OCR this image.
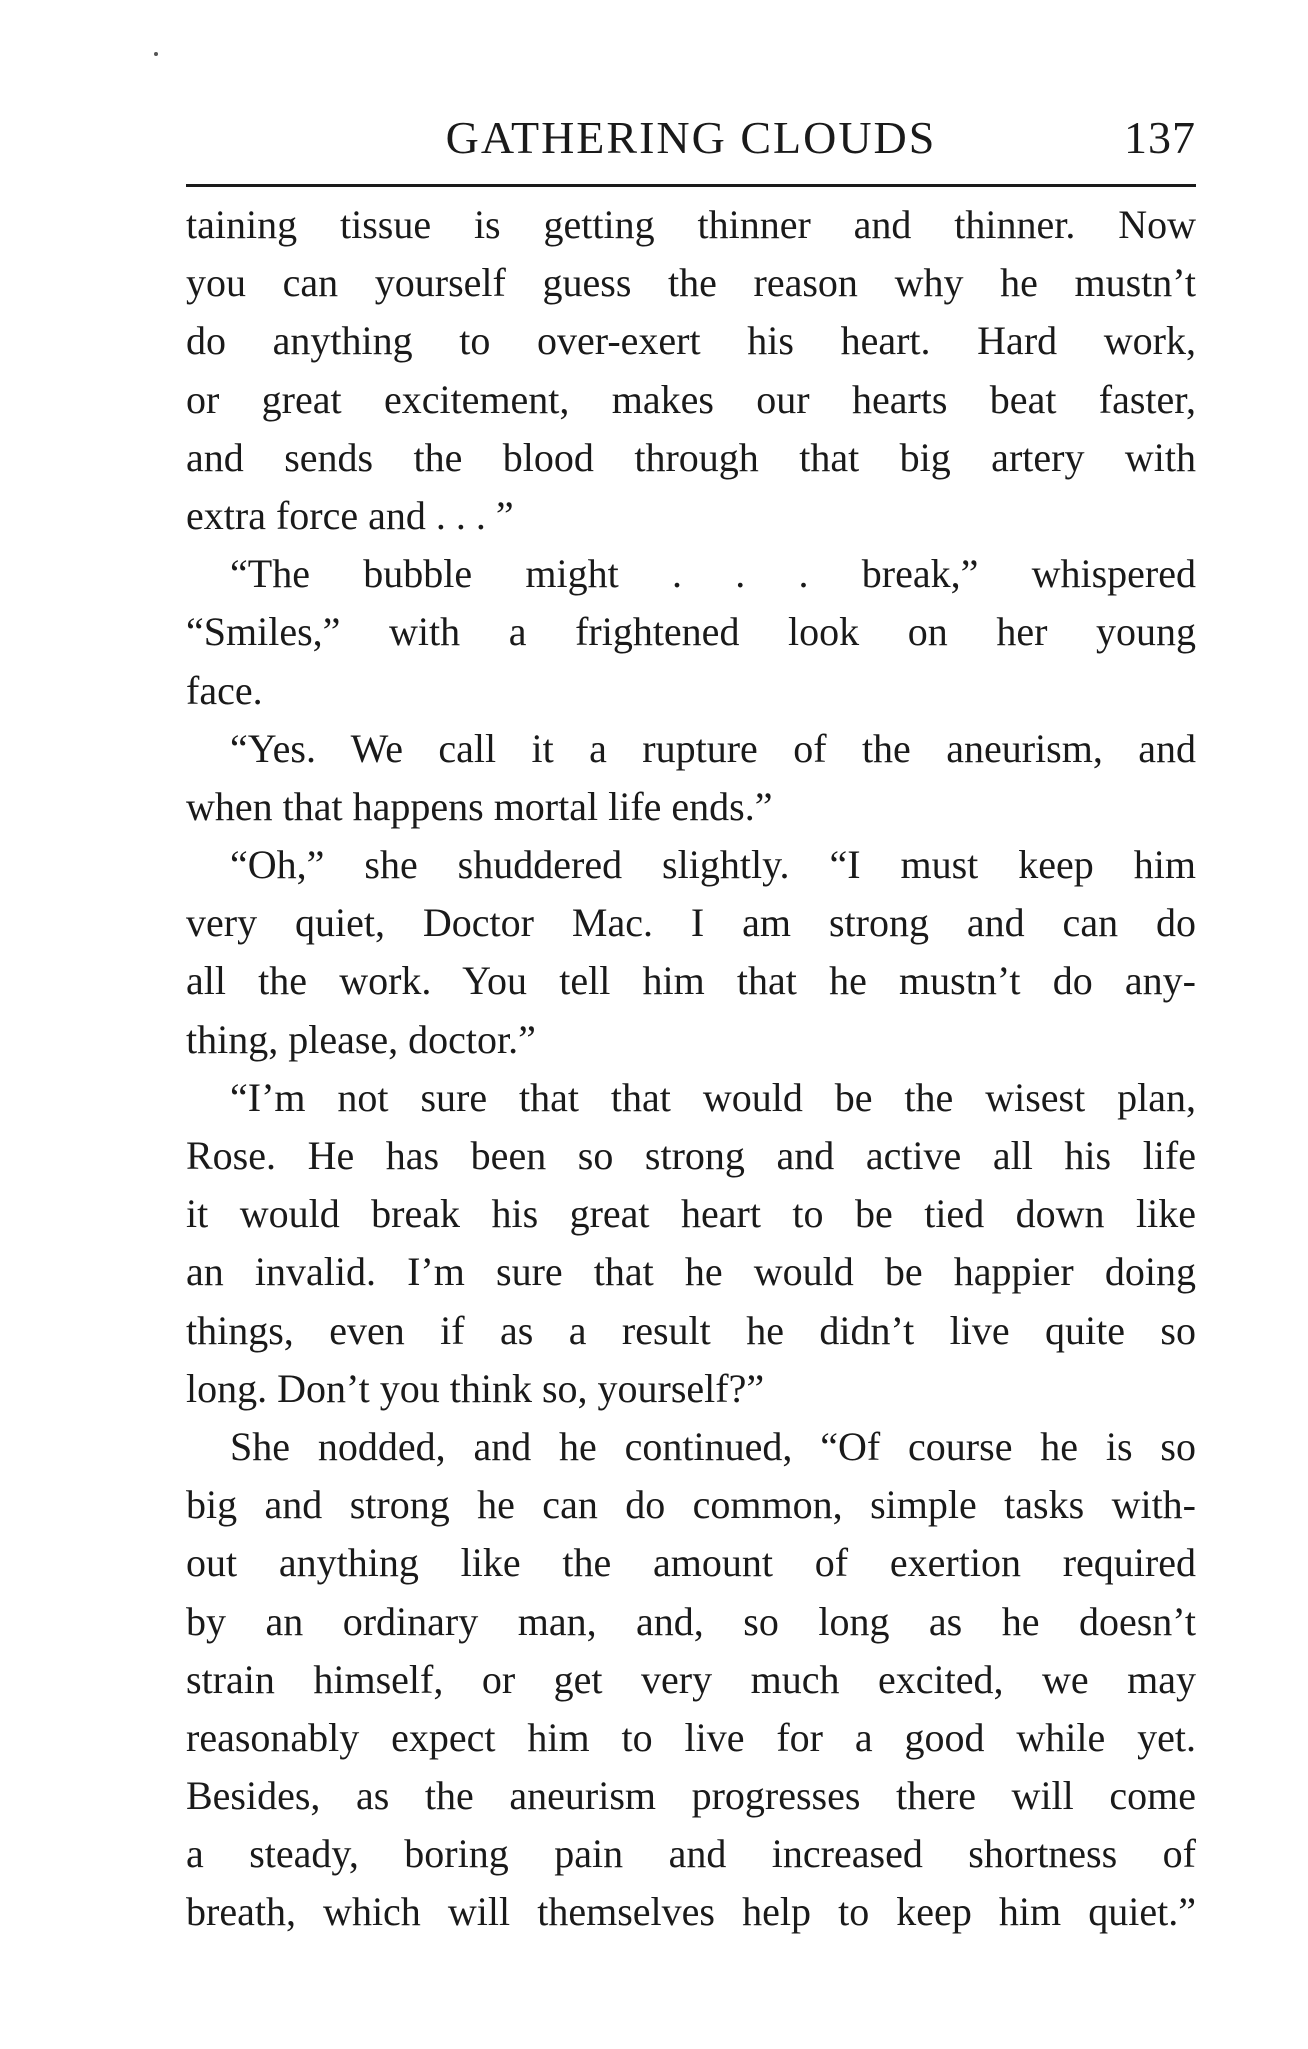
GATHERING CLOUDS	137
taining tissue is getting thinner and thinner. Now
you can yourself guess the reason why he mustn’t
do anything to over-exert his heart. Hard work,
or great excitement, makes our hearts beat faster,
and sends the blood through that big artery with
extra force and . . . ”
“The bubble might . . . break,” whispered
“Smiles,” with a frightened look on her young
face.
“Yes. We call it a rupture of the aneurism, and
when that happens mortal life ends.”
“Oh,” she shuddered slightly. “I must keep him
very quiet, Doctor Mac. I am strong and can do
all the work. You tell him that he mustn’t do any-
thing, please, doctor.”
“I’m not sure that that would be the wisest plan,
Rose. He has been so strong and active all his life
it would break his great heart to be tied down like
an invalid. I’m sure that he would be happier doing
things, even if as a result he didn’t live quite so
long. Don’t you think so, yourself?”
She nodded, and he continued, “Of course he is so
big and strong he can do common, simple tasks with-
out anything like the amount of exertion required
by an ordinary man, and, so long as he doesn’t
strain himself, or get very much excited, we may
reasonably expect him to live for a good while yet.
Besides, as the aneurism progresses there will come
a steady, boring pain and increased shortness of
breath, which will themselves help to keep him quiet.”
